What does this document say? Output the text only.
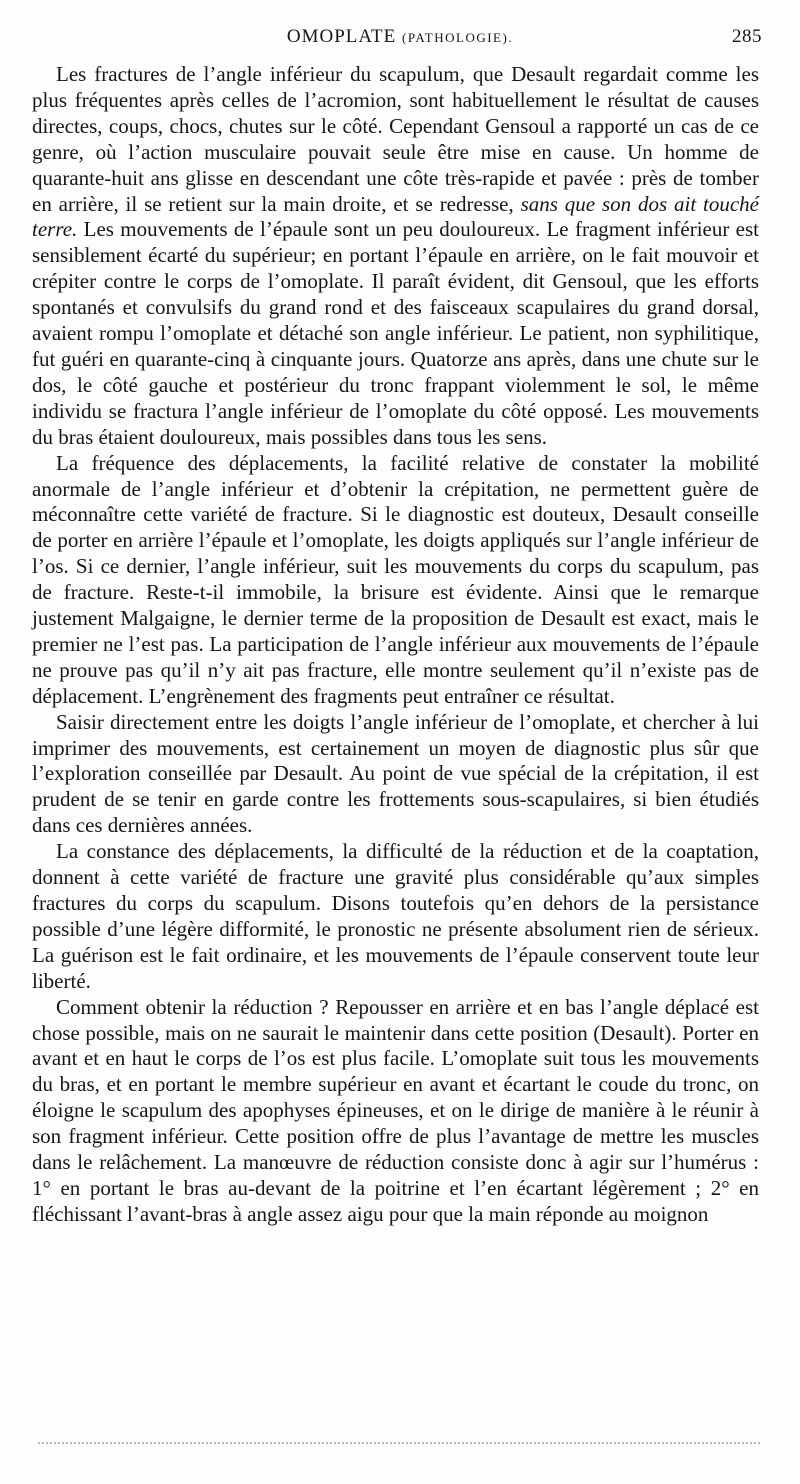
OMOPLATE (PATHOLOGIE).	285

Les fractures de l’angle inférieur du scapulum, que Desault regardait comme les plus fréquentes après celles de l’acromion, sont habituellement le résultat de causes directes, coups, chocs, chutes sur le côté. Cependant Gensoul a rapporté un cas de ce genre, où l’action musculaire pouvait seule être mise en cause. Un homme de quarante-huit ans glisse en descendant une côte très-rapide et pavée : près de tomber en arrière, il se retient sur la main droite, et se redresse, sans que son dos ait touché terre. Les mouvements de l’épaule sont un peu douloureux. Le fragment inférieur est sensiblement écarté du supérieur; en portant l’épaule en arrière, on le fait mouvoir et crépiter contre le corps de l’omoplate. Il paraît évident, dit Gensoul, que les efforts spontanés et convulsifs du grand rond et des faisceaux scapulaires du grand dorsal, avaient rompu l’omoplate et détaché son angle inférieur. Le patient, non syphilitique, fut guéri en quarante-cinq à cinquante jours. Quatorze ans après, dans une chute sur le dos, le côté gauche et postérieur du tronc frappant violemment le sol, le même individu se fractura l’angle inférieur de l’omoplate du côté opposé. Les mouvements du bras étaient douloureux, mais possibles dans tous les sens.

La fréquence des déplacements, la facilité relative de constater la mobilité anormale de l’angle inférieur et d’obtenir la crépitation, ne permettent guère de méconnaître cette variété de fracture. Si le diagnostic est douteux, Desault conseille de porter en arrière l’épaule et l’omoplate, les doigts appliqués sur l’angle inférieur de l’os. Si ce dernier, l’angle inférieur, suit les mouvements du corps du scapulum, pas de fracture. Reste-t-il immobile, la brisure est évidente. Ainsi que le remarque justement Malgaigne, le dernier terme de la proposition de Desault est exact, mais le premier ne l’est pas. La participation de l’angle inférieur aux mouvements de l’épaule ne prouve pas qu’il n’y ait pas fracture, elle montre seulement qu’il n’existe pas de déplacement. L’engrènement des fragments peut entraîner ce résultat.

Saisir directement entre les doigts l’angle inférieur de l’omoplate, et chercher à lui imprimer des mouvements, est certainement un moyen de diagnostic plus sûr que l’exploration conseillée par Desault. Au point de vue spécial de la crépitation, il est prudent de se tenir en garde contre les frottements sous-scapulaires, si bien étudiés dans ces dernières années.

La constance des déplacements, la difficulté de la réduction et de la coaptation, donnent à cette variété de fracture une gravité plus considérable qu’aux simples fractures du corps du scapulum. Disons toutefois qu’en dehors de la persistance possible d’une légère difformité, le pronostic ne présente absolument rien de sérieux. La guérison est le fait ordinaire, et les mouvements de l’épaule conservent toute leur liberté.

Comment obtenir la réduction ? Repousser en arrière et en bas l’angle déplacé est chose possible, mais on ne saurait le maintenir dans cette position (Desault). Porter en avant et en haut le corps de l’os est plus facile. L’omoplate suit tous les mouvements du bras, et en portant le membre supérieur en avant et écartant le coude du tronc, on éloigne le scapulum des apophyses épineuses, et on le dirige de manière à le réunir à son fragment inférieur. Cette position offre de plus l’avantage de mettre les muscles dans le relâchement. La manœuvre de réduction consiste donc à agir sur l’humérus : 1° en portant le bras au-devant de la poitrine et l’en écartant légèrement ; 2° en fléchissant l’avant-bras à angle assez aigu pour que la main réponde au moignon
